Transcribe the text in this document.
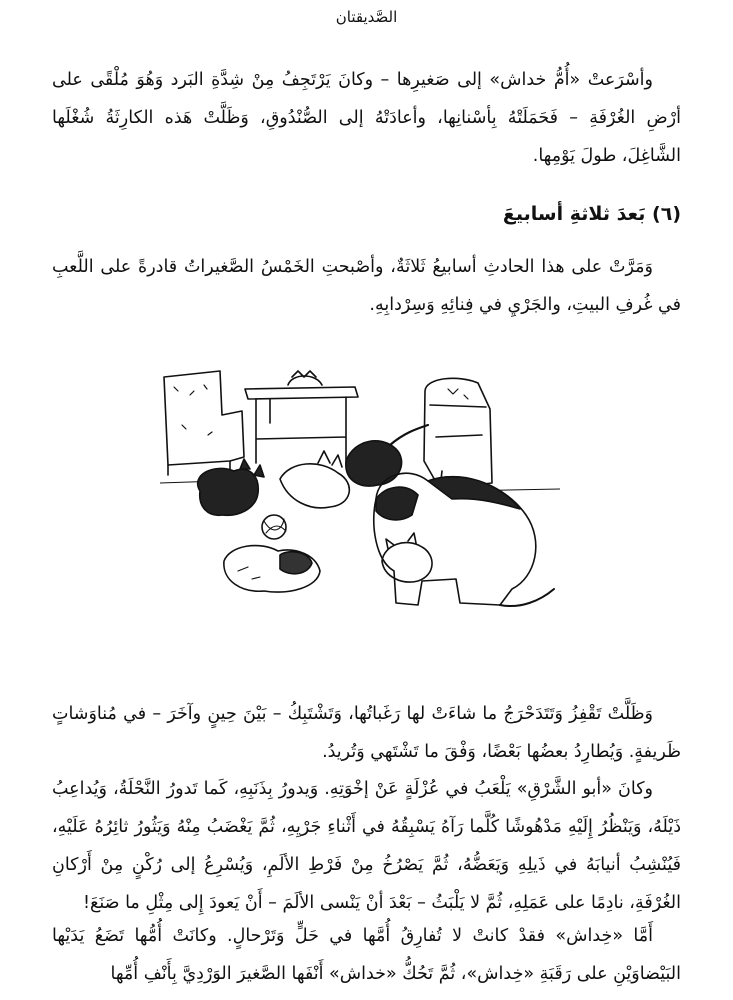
الصَّديقتان

وأسْرَعتْ «أُمُّ خداش» إلى صَغيرِها – وكانَ يَرْتَجِفُ مِنْ شِدَّةِ البَرد وَهُوَ مُلْقًى على أرْضِ الغُرْفَةِ – فَحَمَلَتْهُ بِأسْنانِها، وأعادَتْهُ إلى الصُّنْدُوقِ، وَظَلَّتْ هَذه الكارِثَةُ شُغْلَها الشَّاغِلَ، طولَ يَوْمِها.

(٦) بَعدَ ثلاثةِ أسابيعَ

وَمَرَّتْ على هذا الحادثِ أسابيعُ ثَلاثَةٌ، وأصْبحتِ الخَمْسُ الصَّغيراتُ قادرةً على اللَّعبِ في غُرفِ البيتِ، والجَرْيِ في فِنائِهِ وَسِرْدابِهِ.

وَظَلَّتْ تَقْفِزُ وَتَتَدَحْرَجُ ما شاءَتْ لها رَغَباتُها، وَتَشْتَبِكُ – بَيْنَ حِينٍ وآخَرَ – في مُناوَشاتٍ ظَريفةٍ. وَيُطارِدُ بعضُها بَعْضًا، وَفْقَ ما تَشْتَهي وَتُريدُ.

وكانَ «أبو الشَّرْقِ» يَلْعَبُ في عُزْلَةٍ عَنْ إخْوَتِهِ. وَيدورُ بِذَنَبِهِ، كَما تَدورُ النَّحْلَةُ، وَيُداعِبُ ذَيْلَهُ، وَيَنْظُرُ إِلَيْهِ مَدْهُوشًا كُلَّما رَآهُ يَسْبِقُهُ في أَثْناءِ جَرْيِهِ، ثُمَّ يَغْضَبُ مِنْهُ وَيَثُورُ ثائِرُهُ عَلَيْهِ، فَيُنْشِبُ أنيابَهُ في ذَيلِهِ وَيَعَضُّهُ، ثُمَّ يَصْرُخُ مِنْ فَرْطِ الألَمِ، وَيُسْرِعُ إلى رُكْنٍ مِنْ أَرْكانِ الغُرْفَةِ، نادِمًا على عَمَلِهِ، ثُمَّ لا يَلْبَثُ – بَعْدَ أنْ يَنْسى الألَمَ – أَنْ يَعودَ إِلى مِثْلِ ما صَنَعَ!

أَمَّا «خِداش» فقدْ كانتْ لا تُفارِقُ أُمَّها في حَلٍّ وَتَرْحالٍ. وكانَتْ أُمُّها تَضَعُ يَدَيْها البَيْضاوَيْنِ على رَقَبَةِ «خِداش»، ثُمَّ تَحُكُّ «خداش» أَنْفَها الصَّغيرَ الوَرْدِيَّ بِأَنْفِ أُمِّها
